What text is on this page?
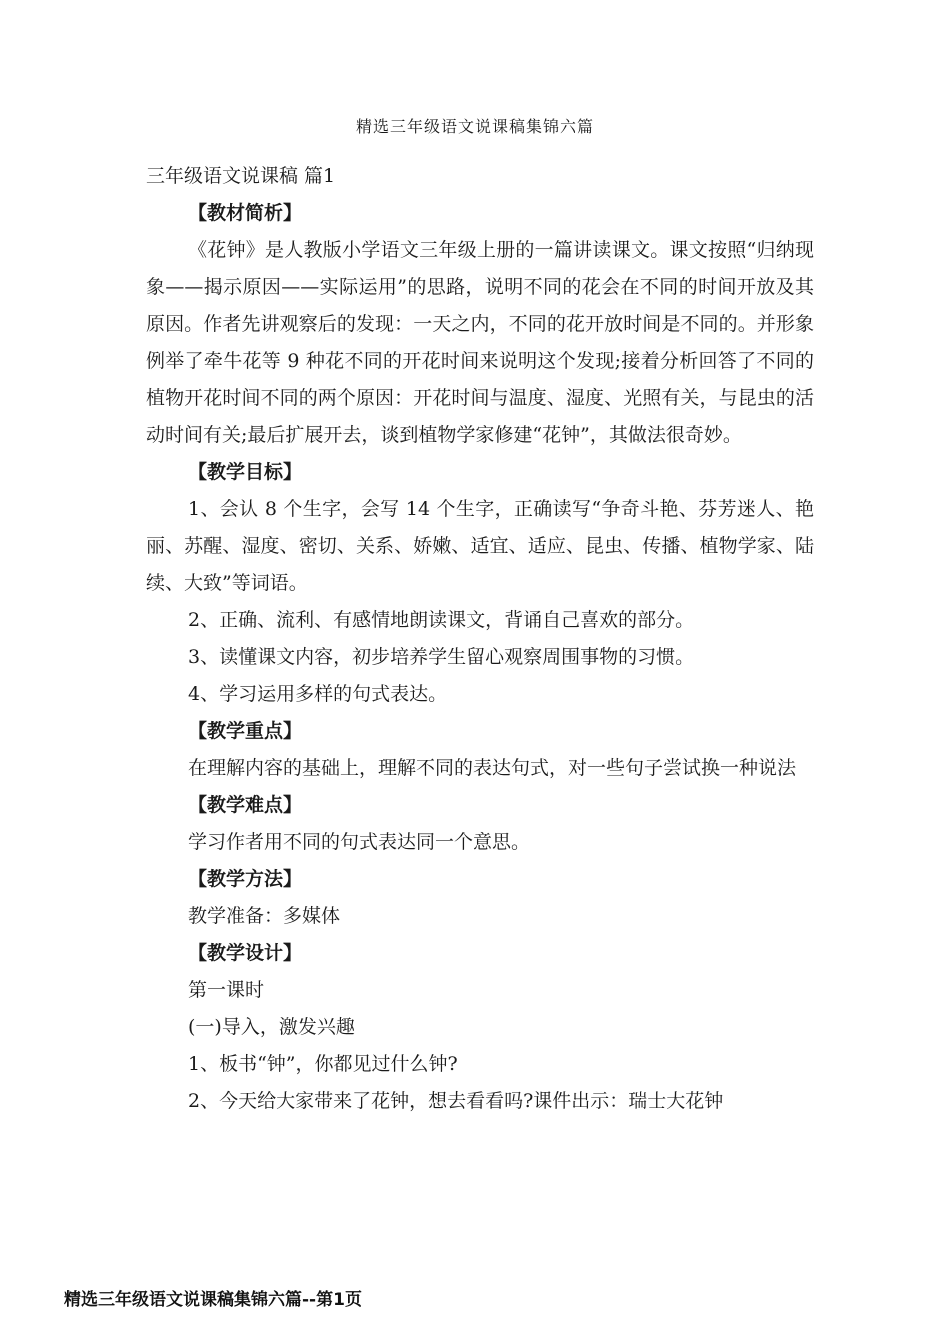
精选三年级语文说课稿集锦六篇

三年级语文说课稿 篇1

【教材简析】

《花钟》是人教版小学语文三年级上册的一篇讲读课文。课文按照“归纳现象——揭示原因——实际运用”的思路，说明不同的花会在不同的时间开放及其原因。作者先讲观察后的发现：一天之内，不同的花开放时间是不同的。并形象例举了牵牛花等 9 种花不同的开花时间来说明这个发现;接着分析回答了不同的植物开花时间不同的两个原因：开花时间与温度、湿度、光照有关，与昆虫的活动时间有关;最后扩展开去，谈到植物学家修建“花钟”，其做法很奇妙。

【教学目标】

1、会认 8 个生字，会写 14 个生字，正确读写“争奇斗艳、芬芳迷人、艳丽、苏醒、湿度、密切、关系、娇嫩、适宜、适应、昆虫、传播、植物学家、陆续、大致”等词语。

2、正确、流利、有感情地朗读课文，背诵自己喜欢的部分。

3、读懂课文内容，初步培养学生留心观察周围事物的习惯。

4、学习运用多样的句式表达。

【教学重点】

在理解内容的基础上，理解不同的表达句式，对一些句子尝试换一种说法

【教学难点】

学习作者用不同的句式表达同一个意思。

【教学方法】

教学准备：多媒体

【教学设计】

第一课时

(一)导入，激发兴趣

1、板书“钟”，你都见过什么钟?

2、今天给大家带来了花钟，想去看看吗?课件出示：瑞士大花钟

精选三年级语文说课稿集锦六篇--第1页
